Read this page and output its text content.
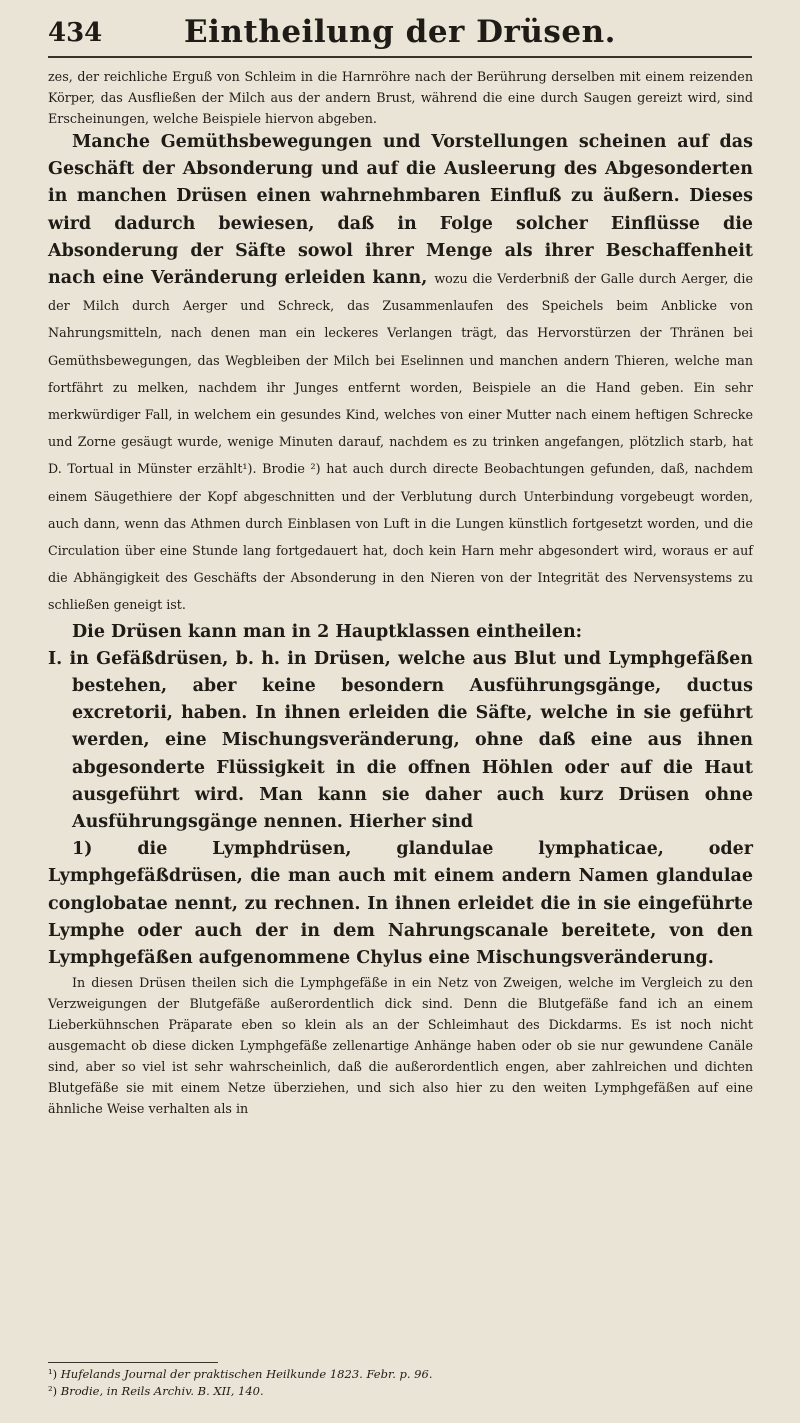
434	Eintheilung der Drüsen.

zes, der reichliche Erguß von Schleim in die Harnröhre nach der Berührung derselben mit einem reizenden Körper, das Ausfließen der Milch aus der andern Brust, während die eine durch Saugen gereizt wird, sind Erscheinungen, welche Beispiele hiervon abgeben.

Manche Gemüthsbewegungen und Vorstellungen scheinen auf das Geschäft der Absonderung und auf die Ausleerung des Abgesonderten in manchen Drüsen einen wahrnehmbaren Einfluß zu äußern. Dieses wird dadurch bewiesen, daß in Folge solcher Einflüsse die Absonderung der Säfte sowol ihrer Menge als ihrer Beschaffenheit nach eine Veränderung erleiden kann, wozu die Verderbniß der Galle durch Aerger, die der Milch durch Aerger und Schreck, das Zusammenlaufen des Speichels beim Anblicke von Nahrungsmitteln, nach denen man ein leckeres Verlangen trägt, das Hervorstürzen der Thränen bei Gemüthsbewegungen, das Wegbleiben der Milch bei Eselinnen und manchen andern Thieren, welche man fortfährt zu melken, nachdem ihr Junges entfernt worden, Beispiele an die Hand geben. Ein sehr merkwürdiger Fall, in welchem ein gesundes Kind, welches von einer Mutter nach einem heftigen Schrecke und Zorne gesäugt wurde, wenige Minuten darauf, nachdem es zu trinken angefangen, plötzlich starb, hat D. Tortual in Münster erzählt¹). Brodie ²) hat auch durch directe Beobachtungen gefunden, daß, nachdem einem Säugethiere der Kopf abgeschnitten und der Verblutung durch Unterbindung vorgebeugt worden, auch dann, wenn das Athmen durch Einblasen von Luft in die Lungen künstlich fortgesetzt worden, und die Circulation über eine Stunde lang fortgedauert hat, doch kein Harn mehr abgesondert wird, woraus er auf die Abhängigkeit des Geschäfts der Absonderung in den Nieren von der Integrität des Nervensystems zu schließen geneigt ist.

Die Drüsen kann man in 2 Hauptklassen eintheilen:

I. in Gefäßdrüsen, b. h. in Drüsen, welche aus Blut und Lymphgefäßen bestehen, aber keine besondern Ausführungsgänge, ductus excretorii, haben. In ihnen erleiden die Säfte, welche in sie geführt werden, eine Mischungsveränderung, ohne daß eine aus ihnen abgesonderte Flüssigkeit in die offnen Höhlen oder auf die Haut ausgeführt wird. Man kann sie daher auch kurz Drüsen ohne Ausführungsgänge nennen. Hierher sind

1) die Lymphdrüsen, glandulae lymphaticae, oder Lymphgefäßdrüsen, die man auch mit einem andern Namen glandulae conglobatae nennt, zu rechnen. In ihnen erleidet die in sie eingeführte Lymphe oder auch der in dem Nahrungscanale bereitete, von den Lymphgefäßen aufgenommene Chylus eine Mischungsveränderung.

In diesen Drüsen theilen sich die Lymphgefäße in ein Netz von Zweigen, welche im Vergleich zu den Verzweigungen der Blutgefäße außerordentlich dick sind. Denn die Blutgefäße fand ich an einem Lieberkühnschen Präparate eben so klein als an der Schleimhaut des Dickdarms. Es ist noch nicht ausgemacht ob diese dicken Lymphgefäße zellenartige Anhänge haben oder ob sie nur gewundene Canäle sind, aber so viel ist sehr wahrscheinlich, daß die außerordentlich engen, aber zahlreichen und dichten Blutgefäße sie mit einem Netze überziehen, und sich also hier zu den weiten Lymphgefäßen auf eine ähnliche Weise verhalten als in

¹) Hufelands Journal der praktischen Heilkunde 1823. Febr. p. 96.
²) Brodie, in Reils Archiv. B. XII, 140.
